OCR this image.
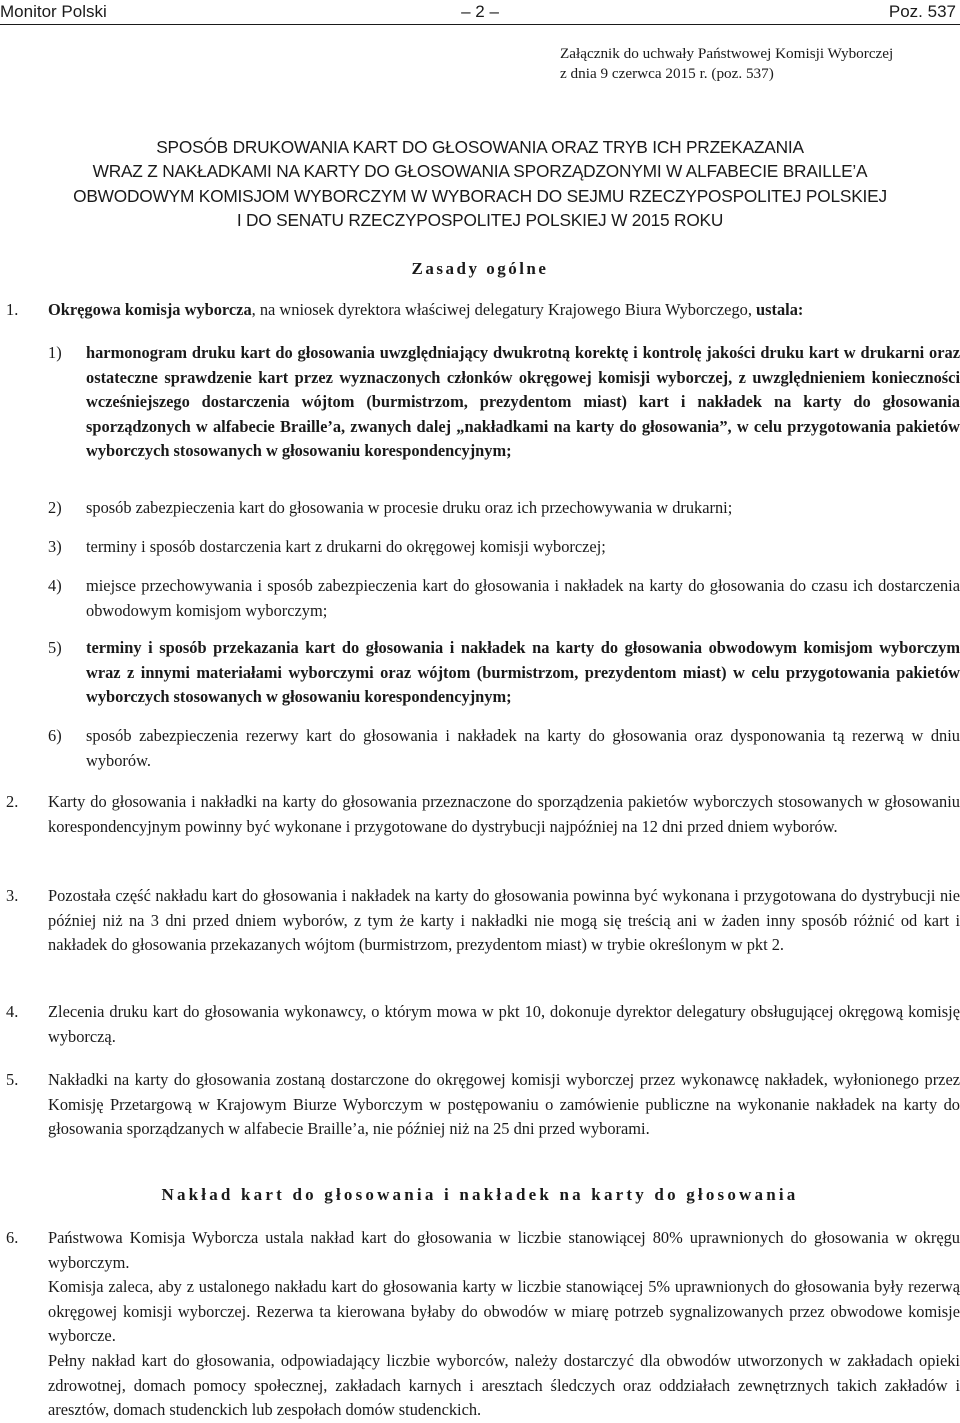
Monitor Polski	– 2 –	Poz. 537
Załącznik do uchwały Państwowej Komisji Wyborczej
z dnia 9 czerwca 2015 r. (poz. 537)
SPOSÓB DRUKOWANIA KART DO GŁOSOWANIA ORAZ TRYB ICH PRZEKAZANIA
WRAZ Z NAKŁADKAMI NA KARTY DO GŁOSOWANIA SPORZĄDZONYMI W ALFABECIE BRAILLE’A
OBWODOWYM KOMISJOM WYBORCZYM W WYBORACH DO SEJMU RZECZYPOSPOLITEJ POLSKIEJ
I DO SENATU RZECZYPOSPOLITEJ POLSKIEJ W 2015 ROKU
Zasady ogólne
1. Okręgowa komisja wyborcza, na wniosek dyrektora właściwej delegatury Krajowego Biura Wyborczego, ustala:
1)	harmonogram druku kart do głosowania uwzględniający dwukrotną korektę i kontrolę jakości druku kart w drukarni oraz ostateczne sprawdzenie kart przez wyznaczonych członków okręgowej komisji wyborczej, z uwzględnieniem konieczności wcześniejszego dostarczenia wójtom (burmistrzom, prezydentom miast) kart i nakładek na karty do głosowania sporządzonych w alfabecie Braille’a, zwanych dalej „nakładkami na karty do głosowania”, w celu przygotowania pakietów wyborczych stosowanych w głosowaniu korespondencyjnym;
2)	sposób zabezpieczenia kart do głosowania w procesie druku oraz ich przechowywania w drukarni;
3)	terminy i sposób dostarczenia kart z drukarni do okręgowej komisji wyborczej;
4)	miejsce przechowywania i sposób zabezpieczenia kart do głosowania i nakładek na karty do głosowania do czasu ich dostarczenia obwodowym komisjom wyborczym;
5)	terminy i sposób przekazania kart do głosowania i nakładek na karty do głosowania obwodowym komisjom wyborczym wraz z innymi materiałami wyborczymi oraz wójtom (burmistrzom, prezydentom miast) w celu przygotowania pakietów wyborczych stosowanych w głosowaniu korespondencyjnym;
6)	sposób zabezpieczenia rezerwy kart do głosowania i nakładek na karty do głosowania oraz dysponowania tą rezerwą w dniu wyborów.
2. Karty do głosowania i nakładki na karty do głosowania przeznaczone do sporządzenia pakietów wyborczych stosowanych w głosowaniu korespondencyjnym powinny być wykonane i przygotowane do dystrybucji najpóźniej na 12 dni przed dniem wyborów.
3. Pozostała część nakładu kart do głosowania i nakładek na karty do głosowania powinna być wykonana i przygotowana do dystrybucji nie później niż na 3 dni przed dniem wyborów, z tym że karty i nakładki nie mogą się treścią ani w żaden inny sposób różnić od kart i nakładek do głosowania przekazanych wójtom (burmistrzom, prezydentom miast) w trybie określonym w pkt 2.
4. Zlecenia druku kart do głosowania wykonawcy, o którym mowa w pkt 10, dokonuje dyrektor delegatury obsługującej okręgową komisję wyborczą.
5. Nakładki na karty do głosowania zostaną dostarczone do okręgowej komisji wyborczej przez wykonawcę nakładek, wyłonionego przez Komisję Przetargową w Krajowym Biurze Wyborczym w postępowaniu o zamówienie publiczne na wykonanie nakładek na karty do głosowania sporządzanych w alfabecie Braille’a, nie później niż na 25 dni przed wyborami.
Nakład kart do głosowania i nakładek na karty do głosowania
6. Państwowa Komisja Wyborcza ustala nakład kart do głosowania w liczbie stanowiącej 80% uprawnionych do głosowania w okręgu wyborczym.
Komisja zaleca, aby z ustalonego nakładu kart do głosowania karty w liczbie stanowiącej 5% uprawnionych do głosowania były rezerwą okręgowej komisji wyborczej. Rezerwa ta kierowana byłaby do obwodów w miarę potrzeb sygnalizowanych przez obwodowe komisje wyborcze.
Pełny nakład kart do głosowania, odpowiadający liczbie wyborców, należy dostarczyć dla obwodów utworzonych w zakładach opieki zdrowotnej, domach pomocy społecznej, zakładach karnych i aresztach śledczych oraz oddziałach zewnętrznych takich zakładów i aresztów, domach studenckich lub zespołach domów studenckich.
